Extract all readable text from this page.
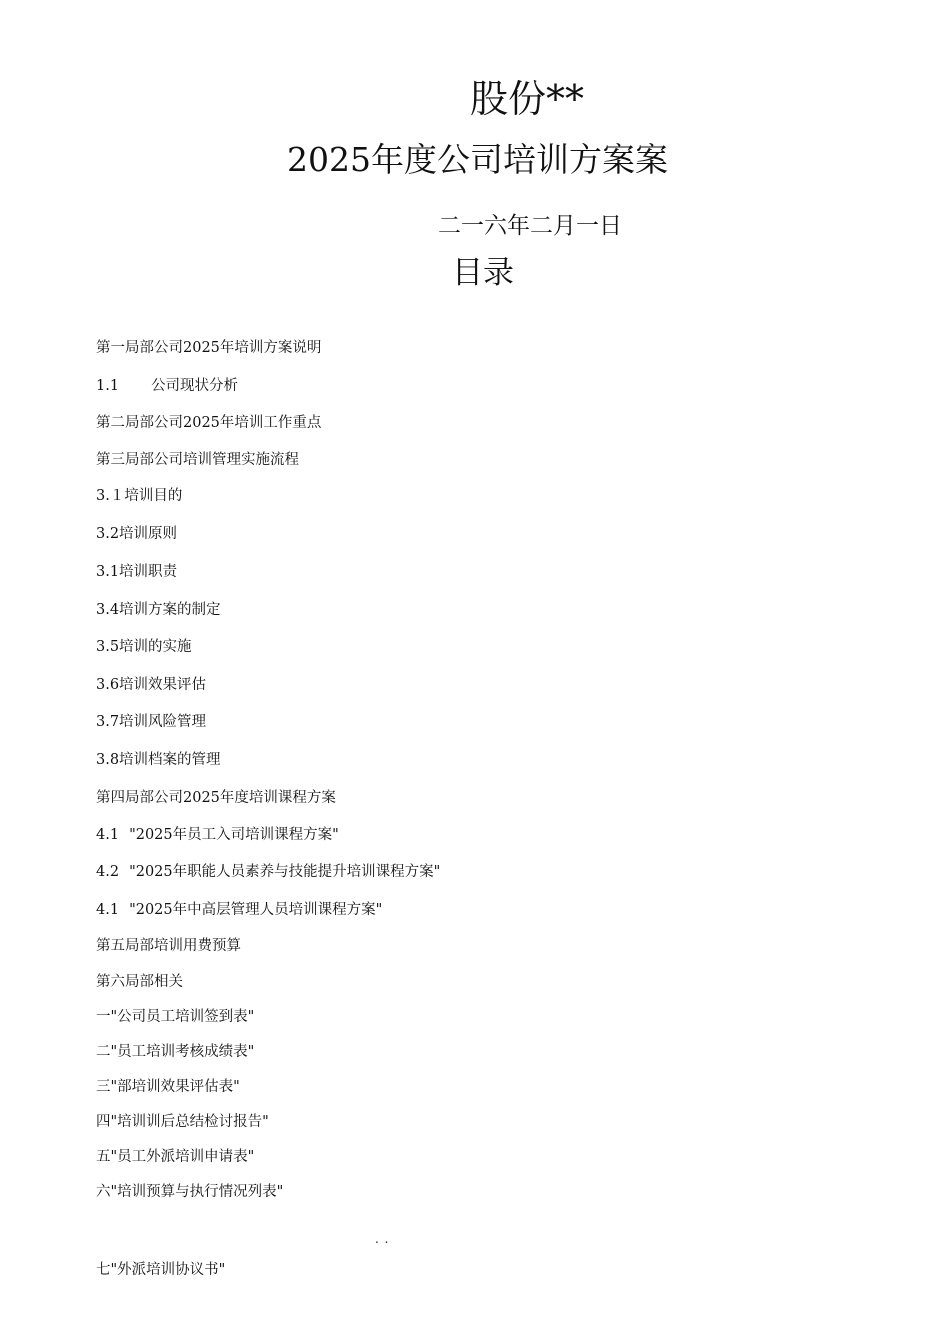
股份**
2025年度公司培训方案案
二一六年二月一日
目录
第一局部公司2025年培训方案说明
1.1 公司现状分析
第二局部公司2025年培训工作重点
第三局部公司培训管理实施流程
3.１培训目的
3.2培训原则
3.1培训职责
3.4培训方案的制定
3.5培训的实施
3.6培训效果评估
3.7培训风险管理
3.8培训档案的管理
第四局部公司2025年度培训课程方案
4.1 "2025年员工入司培训课程方案"
4.2 "2025年职能人员素养与技能提升培训课程方案"
4.1 "2025年中高层管理人员培训课程方案"
第五局部培训用费预算
第六局部相关
一"公司员工培训签到表"
二"员工培训考核成绩表"
三"部培训效果评估表"
四"培训训后总结检讨报告"
五"员工外派培训申请表"
六"培训预算与执行情况列表"
七"外派培训协议书"
. .
